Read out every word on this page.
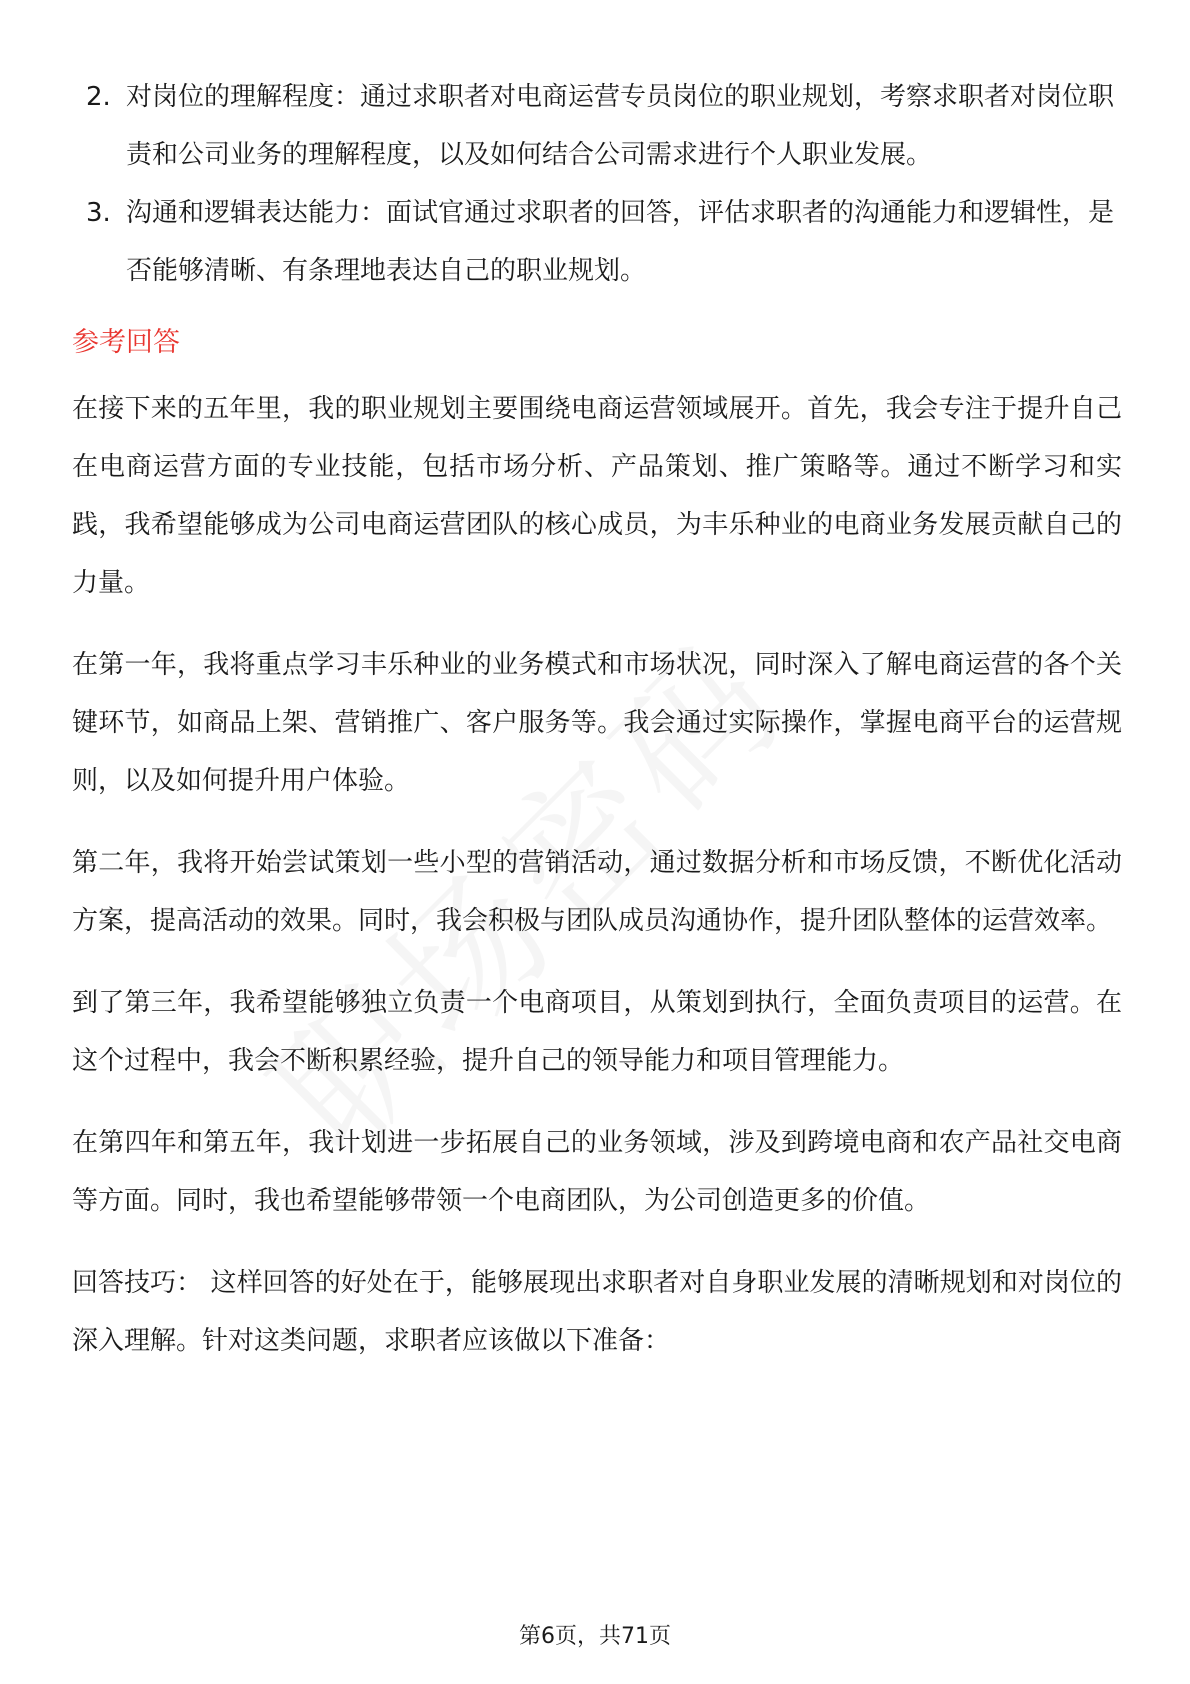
2. 对岗位的理解程度：通过求职者对电商运营专员岗位的职业规划，考察求职者对岗位职责和公司业务的理解程度，以及如何结合公司需求进行个人职业发展。
3. 沟通和逻辑表达能力：面试官通过求职者的回答，评估求职者的沟通能力和逻辑性，是否能够清晰、有条理地表达自己的职业规划。
参考回答

在接下来的五年里，我的职业规划主要围绕电商运营领域展开。首先，我会专注于提升自己在电商运营方面的专业技能，包括市场分析、产品策划、推广策略等。通过不断学习和实践，我希望能够成为公司电商运营团队的核心成员，为丰乐种业的电商业务发展贡献自己的力量。

在第一年，我将重点学习丰乐种业的业务模式和市场状况，同时深入了解电商运营的各个关键环节，如商品上架、营销推广、客户服务等。我会通过实际操作，掌握电商平台的运营规则，以及如何提升用户体验。

第二年，我将开始尝试策划一些小型的营销活动，通过数据分析和市场反馈，不断优化活动方案，提高活动的效果。同时，我会积极与团队成员沟通协作，提升团队整体的运营效率。

到了第三年，我希望能够独立负责一个电商项目，从策划到执行，全面负责项目的运营。在这个过程中，我会不断积累经验，提升自己的领导能力和项目管理能力。

在第四年和第五年，我计划进一步拓展自己的业务领域，涉及到跨境电商和农产品社交电商等方面。同时，我也希望能够带领一个电商团队，为公司创造更多的价值。

回答技巧： 这样回答的好处在于，能够展现出求职者对自身职业发展的清晰规划和对岗位的深入理解。针对这类问题，求职者应该做以下准备：

第6页，共71页
